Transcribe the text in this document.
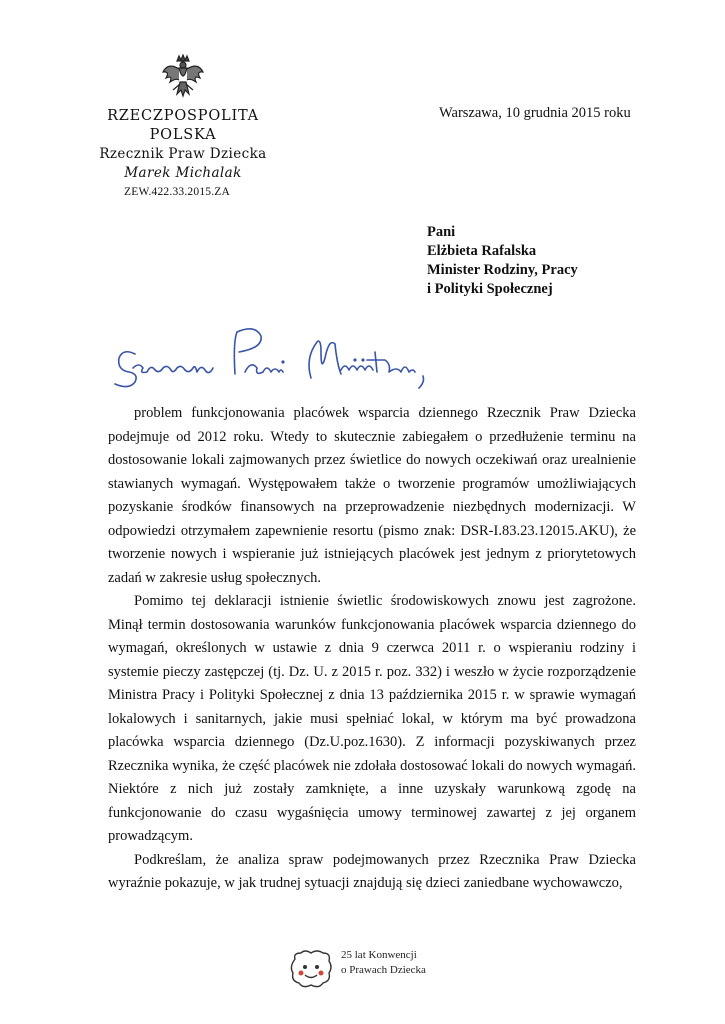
RZECZPOSPOLITA POLSKA
Rzecznik Praw Dziecka
Marek Michalak
ZEW.422.33.2015.ZA
Warszawa, 10 grudnia 2015 roku
Pani
Elżbieta Rafalska
Minister Rodziny, Pracy
i Polityki Społecznej

problem funkcjonowania placówek wsparcia dziennego Rzecznik Praw Dziecka podejmuje od 2012 roku. Wtedy to skutecznie zabiegałem o przedłużenie terminu na dostosowanie lokali zajmowanych przez świetlice do nowych oczekiwań oraz urealnienie stawianych wymagań. Występowałem także o tworzenie programów umożliwiających pozyskanie środków finansowych na przeprowadzenie niezbędnych modernizacji. W odpowiedzi otrzymałem zapewnienie resortu (pismo znak: DSR-I.83.23.12015.AKU), że tworzenie nowych i wspieranie już istniejących placówek jest jednym z priorytetowych zadań w zakresie usług społecznych.

Pomimo tej deklaracji istnienie świetlic środowiskowych znowu jest zagrożone. Minął termin dostosowania warunków funkcjonowania placówek wsparcia dziennego do wymagań, określonych w ustawie z dnia 9 czerwca 2011 r. o wspieraniu rodziny i systemie pieczy zastępczej (tj. Dz. U. z 2015 r. poz. 332) i weszło w życie rozporządzenie Ministra Pracy i Polityki Społecznej z dnia 13 października 2015 r. w sprawie wymagań lokalowych i sanitarnych, jakie musi spełniać lokal, w którym ma być prowadzona placówka wsparcia dziennego (Dz.U.poz.1630). Z informacji pozyskiwanych przez Rzecznika wynika, że część placówek nie zdołała dostosować lokali do nowych wymagań. Niektóre z nich już zostały zamknięte, a inne uzyskały warunkową zgodę na funkcjonowanie do czasu wygaśnięcia umowy terminowej zawartej z jej organem prowadzącym.

Podkreślam, że analiza spraw podejmowanych przez Rzecznika Praw Dziecka wyraźnie pokazuje, w jak trudnej sytuacji znajdują się dzieci zaniedbane wychowawczo,

25 lat Konwencji
o Prawach Dziecka
